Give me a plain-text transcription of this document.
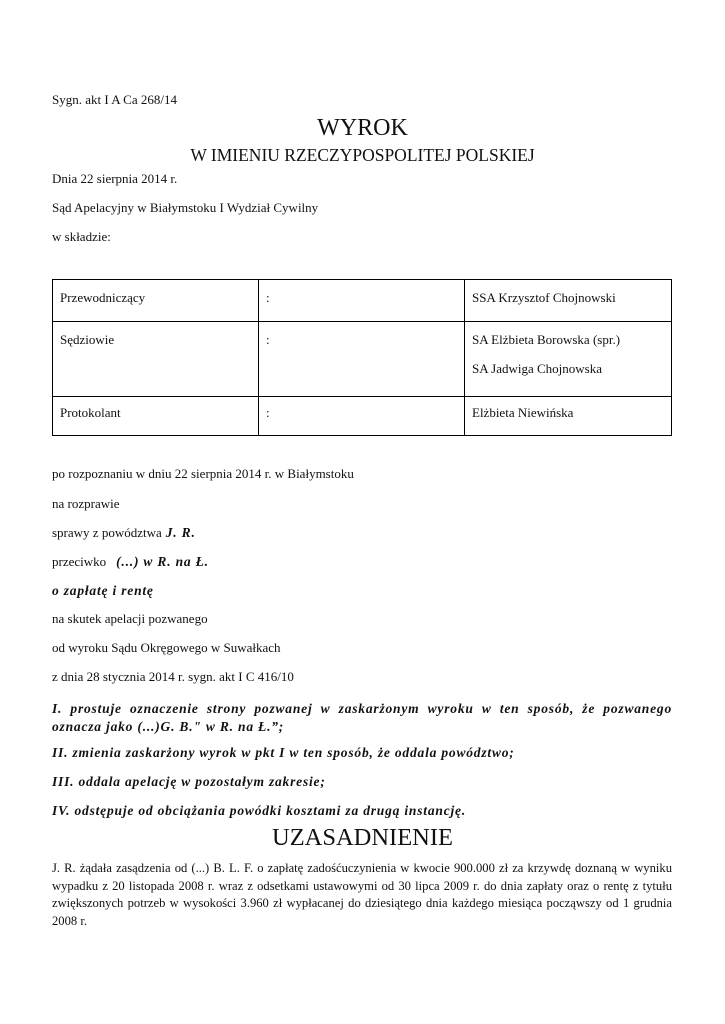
Sygn. akt I A Ca 268/14
WYROK
W IMIENIU RZECZYPOSPOLITEJ POLSKIEJ
Dnia 22 sierpnia 2014 r.
Sąd Apelacyjny w Białymstoku I Wydział Cywilny
w składzie:
Przewodniczący	:	SSA Krzysztof Chojnowski
Sędziowie	:	SA Elżbieta Borowska (spr.)
SA Jadwiga Chojnowska
Protokolant	:	Elżbieta Niewińska
po rozpoznaniu w dniu 22 sierpnia 2014 r. w Białymstoku
na rozprawie
sprawy z powództwa J. R.
przeciwko (...) w R. na Ł.
o zapłatę i rentę
na skutek apelacji pozwanego
od wyroku Sądu Okręgowego w Suwałkach
z dnia 28 stycznia 2014 r. sygn. akt I C 416/10
I. prostuje oznaczenie strony pozwanej w zaskarżonym wyroku w ten sposób, że pozwanego
oznacza jako (...)G. B." w R. na Ł.”;
II. zmienia zaskarżony wyrok w pkt I w ten sposób, że oddala powództwo;
III. oddala apelację w pozostałym zakresie;
IV. odstępuje od obciążania powódki kosztami za drugą instancję.
UZASADNIENIE
J. R. żądała zasądzenia od (...) B. L. F. o zapłatę zadośćuczynienia w kwocie 900.000 zł za krzywdę doznaną w wyniku wypadku z 20 listopada 2008 r. wraz z odsetkami ustawowymi od 30 lipca 2009 r. do dnia zapłaty oraz o rentę z tytułu zwiększonych potrzeb w wysokości 3.960 zł wypłacanej do dziesiątego dnia każdego miesiąca począwszy od 1 grudnia 2008 r.
